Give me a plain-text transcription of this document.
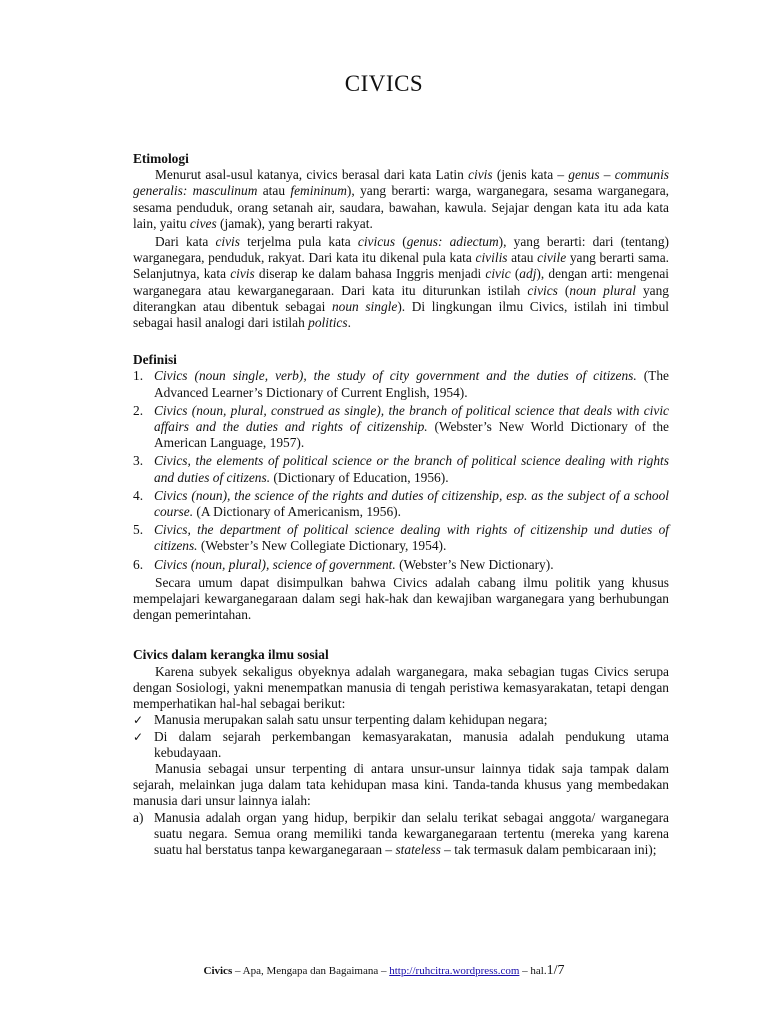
CIVICS
Etimologi

Menurut asal-usul katanya, civics berasal dari kata Latin civis (jenis kata – genus – communis generalis: masculinum atau femininum), yang berarti: warga, warganegara, sesama warganegara, sesama penduduk, orang setanah air, saudara, bawahan, kawula. Sejajar dengan kata itu ada kata lain, yaitu cives (jamak), yang berarti rakyat.

Dari kata civis terjelma pula kata civicus (genus: adiectum), yang berarti: dari (tentang) warganegara, penduduk, rakyat. Dari kata itu dikenal pula kata civilis atau civile yang berarti sama. Selanjutnya, kata civis diserap ke dalam bahasa Inggris menjadi civic (adj), dengan arti: mengenai warganegara atau kewarganegaraan. Dari kata itu diturunkan istilah civics (noun plural yang diterangkan atau dibentuk sebagai noun single). Di lingkungan ilmu Civics, istilah ini timbul sebagai hasil analogi dari istilah politics.

Definisi
1. Civics (noun single, verb), the study of city government and the duties of citizens. (The Advanced Learner’s Dictionary of Current English, 1954).
2. Civics (noun, plural, construed as single), the branch of political science that deals with civic affairs and the duties and rights of citizenship. (Webster’s New World Dictionary of the American Language, 1957).
3. Civics, the elements of political science or the branch of political science dealing with rights and duties of citizens. (Dictionary of Education, 1956).
4. Civics (noun), the science of the rights and duties of citizenship, esp. as the subject of a school course. (A Dictionary of Americanism, 1956).
5. Civics, the department of political science dealing with rights of citizenship und duties of citizens. (Webster’s New Collegiate Dictionary, 1954).
6. Civics (noun, plural), science of government. (Webster’s New Dictionary).

Secara umum dapat disimpulkan bahwa Civics adalah cabang ilmu politik yang khusus mempelajari kewarganegaraan dalam segi hak-hak dan kewajiban warganegara yang berhubungan dengan pemerintahan.

Civics dalam kerangka ilmu sosial

Karena subyek sekaligus obyeknya adalah warganegara, maka sebagian tugas Civics serupa dengan Sosiologi, yakni menempatkan manusia di tengah peristiwa kemasyarakatan, tetapi dengan memperhatikan hal-hal sebagai berikut:

✓ Manusia merupakan salah satu unsur terpenting dalam kehidupan negara;
✓ Di dalam sejarah perkembangan kemasyarakatan, manusia adalah pendukung utama kebudayaan.

Manusia sebagai unsur terpenting di antara unsur-unsur lainnya tidak saja tampak dalam sejarah, melainkan juga dalam tata kehidupan masa kini. Tanda-tanda khusus yang membedakan manusia dari unsur lainnya ialah:

a) Manusia adalah organ yang hidup, berpikir dan selalu terikat sebagai anggota/ warganegara suatu negara. Semua orang memiliki tanda kewarganegaraan tertentu (mereka yang karena suatu hal berstatus tanpa kewarganegaraan – stateless – tak termasuk dalam pembicaraan ini);
Civics – Apa, Mengapa dan Bagaimana – http://ruhcitra.wordpress.com – hal.1/7
